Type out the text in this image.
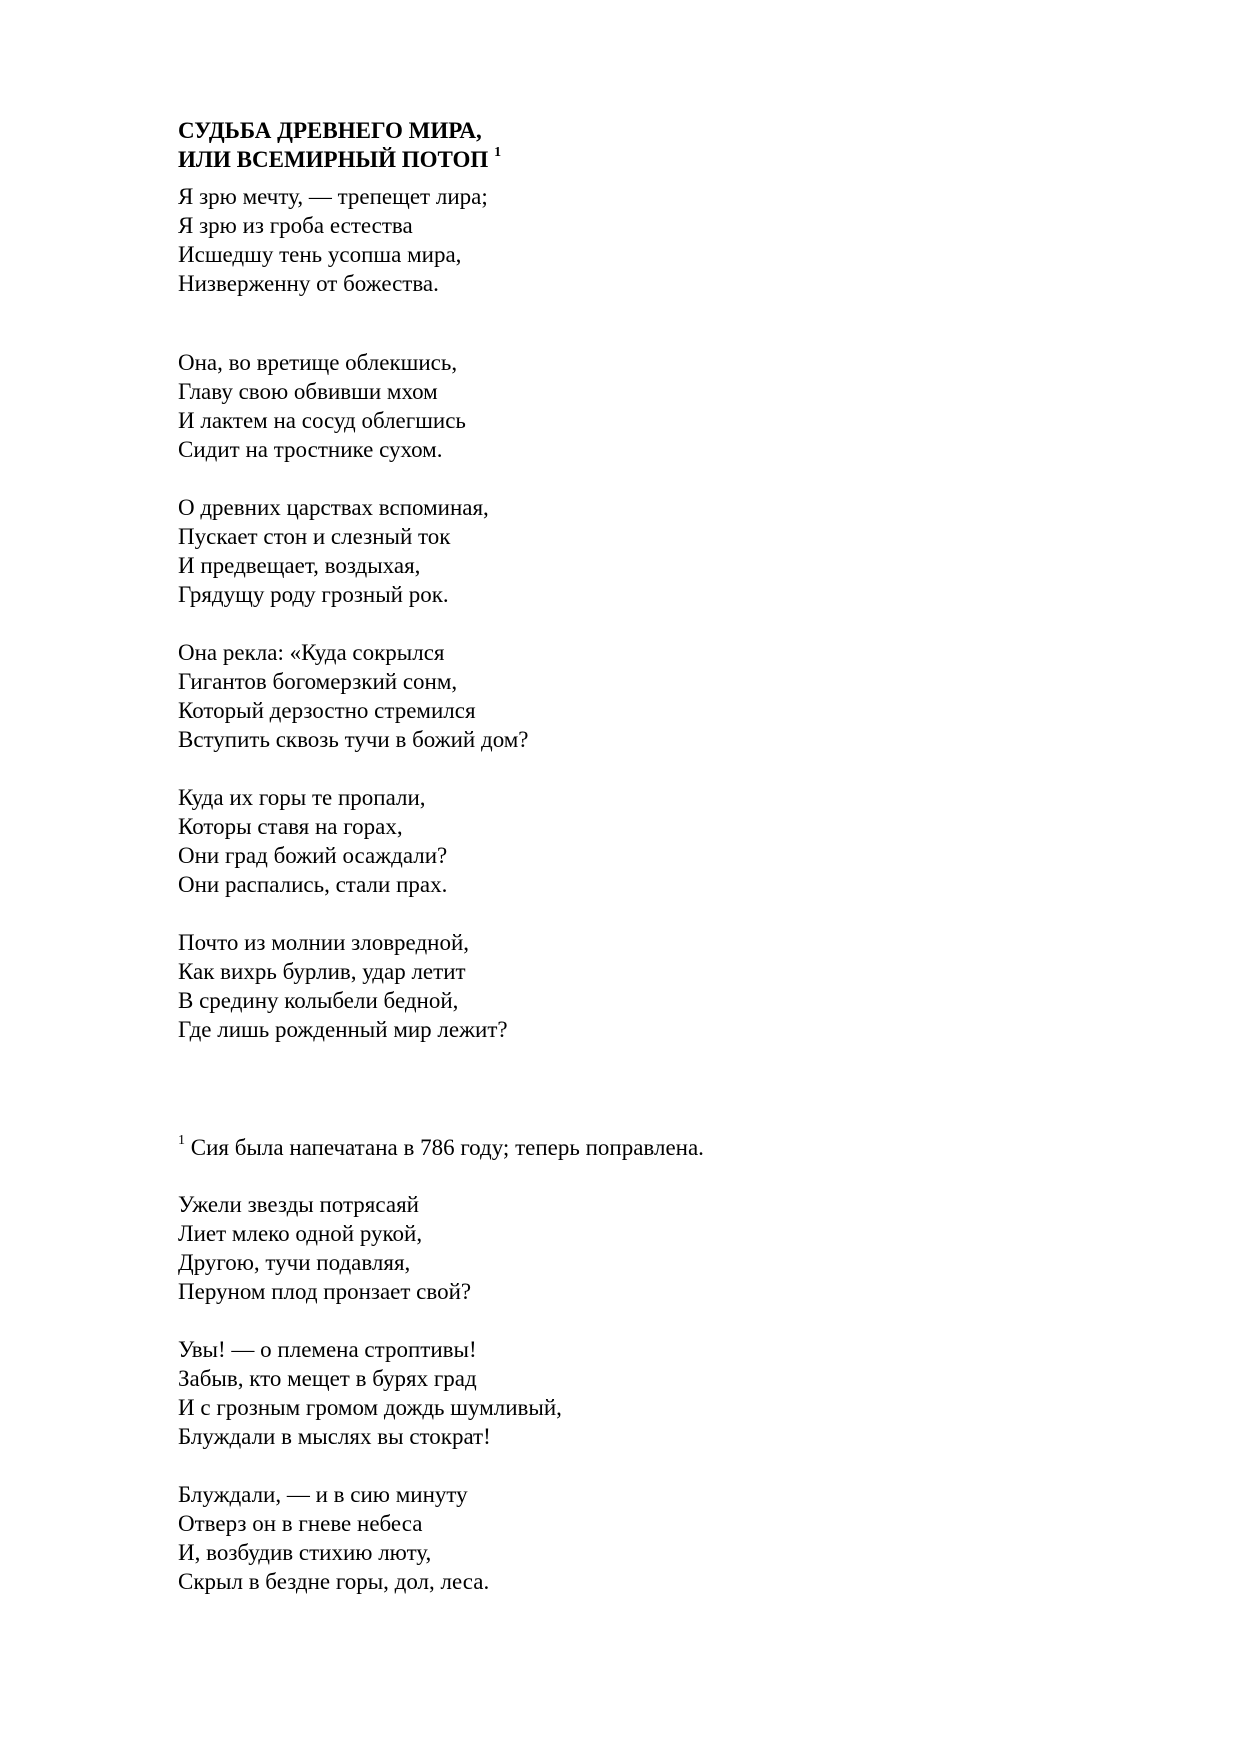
СУДЬБА ДРЕВНЕГО МИРА,
ИЛИ ВСЕМИРНЫЙ ПОТОП $^1$
Я зрю мечту, — трепещет лира;
Я зрю из гроба естества
Исшедшу тень усопша мира,
Низверженну от божества.
Она, во вретище облекшись,
Главу свою обвивши мхом
И лактем на сосуд облегшись
Сидит на тростнике сухом.
О древних царствах вспоминая,
Пускает стон и слезный ток
И предвещает, воздыхая,
Грядущу роду грозный рок.
Она рекла: «Куда сокрылся
Гигантов богомерзкий сонм,
Который дерзостно стремился
Вступить сквозь тучи в божий дом?
Куда их горы те пропали,
Которы ставя на горах,
Они град божий осаждали?
Они распались, стали прах.
Почто из молнии зловредной,
Как вихрь бурлив, удар летит
В средину колыбели бедной,
Где лишь рожденный мир лежит?

$^1$ Сия была напечатана в 786 году; теперь поправлена.

Ужели звезды потрясаяй
Лиет млеко одной рукой,
Другою, тучи подавляя,
Перуном плод пронзает свой?
Увы! — о племена строптивы!
Забыв, кто мещет в бурях град
И с грозным громом дождь шумливый,
Блуждали в мыслях вы стократ!
Блуждали, — и в сию минуту
Отверз он в гневе небеса
И, возбудив стихию люту,
Скрыл в бездне горы, дол, леса.
